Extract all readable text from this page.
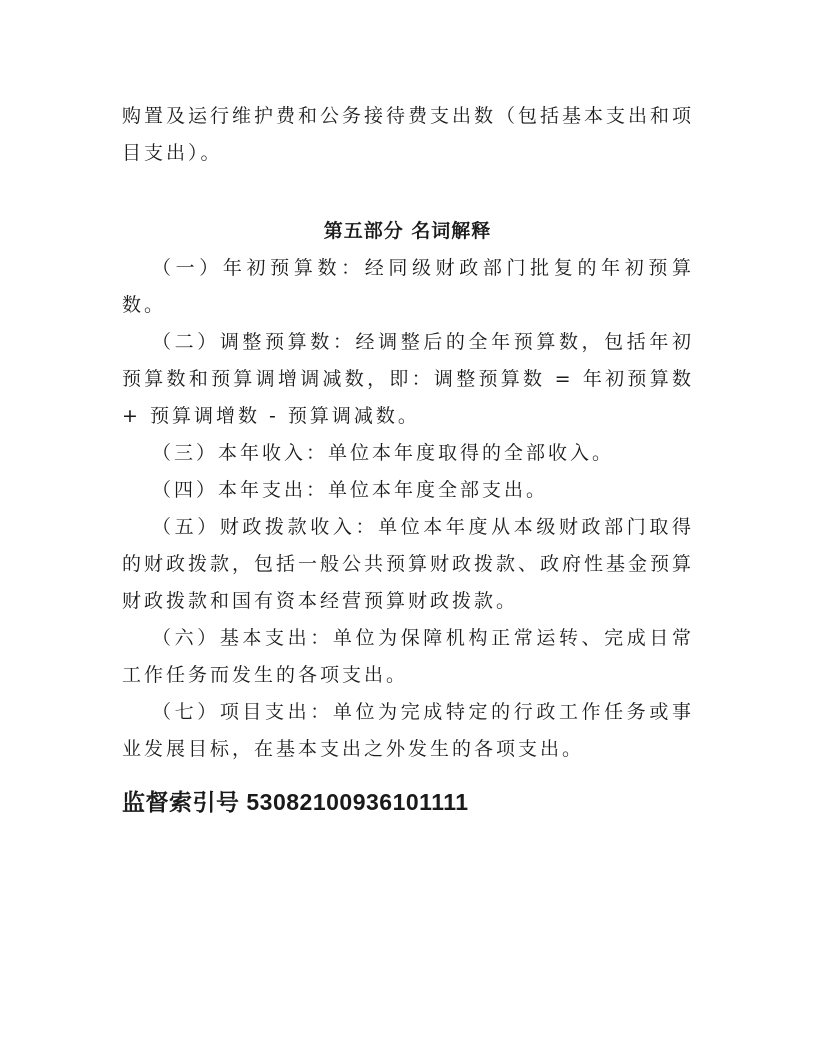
购置及运行维护费和公务接待费支出数（包括基本支出和项目支出）。
第五部分 名词解释

（一）年初预算数：经同级财政部门批复的年初预算数。

（二）调整预算数：经调整后的全年预算数，包括年初预算数和预算调增调减数，即：调整预算数 = 年初预算数 + 预算调增数 - 预算调减数。

（三）本年收入：单位本年度取得的全部收入。

（四）本年支出：单位本年度全部支出。

（五）财政拨款收入：单位本年度从本级财政部门取得的财政拨款，包括一般公共预算财政拨款、政府性基金预算财政拨款和国有资本经营预算财政拨款。

（六）基本支出：单位为保障机构正常运转、完成日常工作任务而发生的各项支出。

（七）项目支出：单位为完成特定的行政工作任务或事业发展目标，在基本支出之外发生的各项支出。

监督索引号 53082100936101111
